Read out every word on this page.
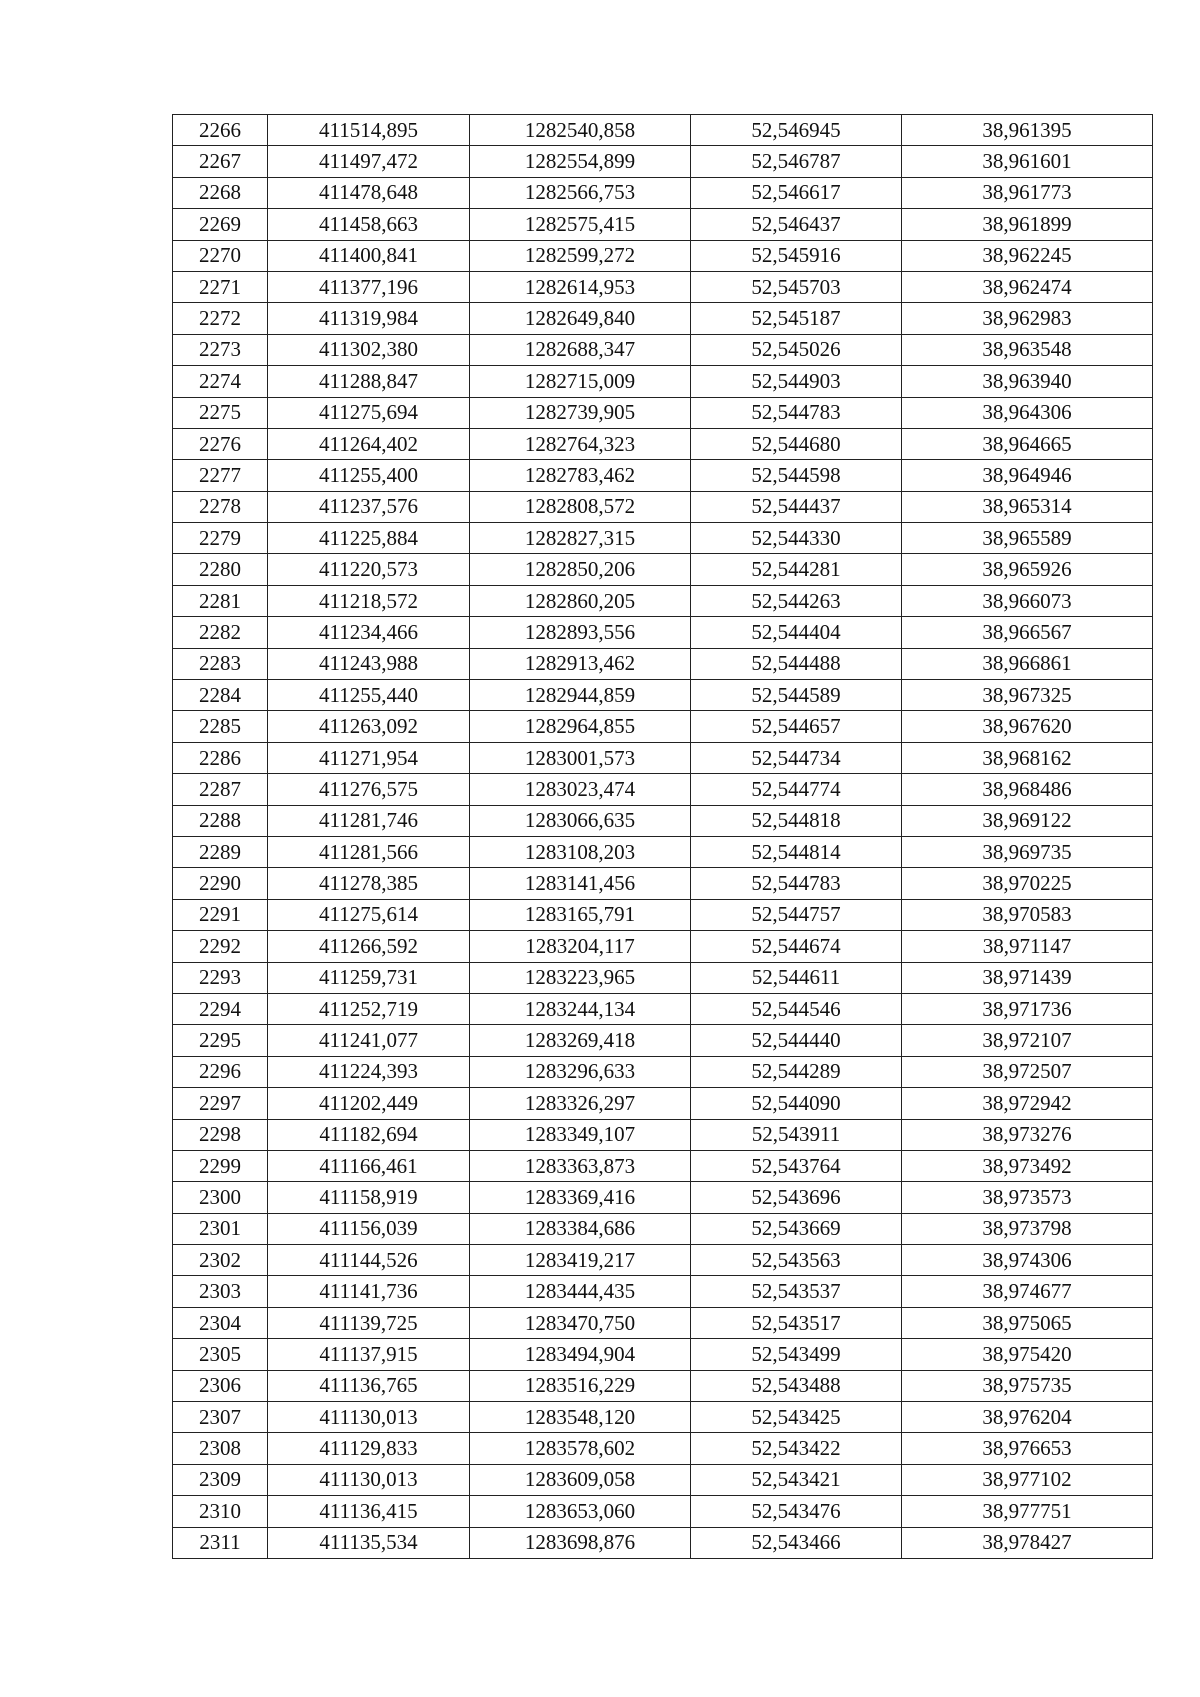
2266	411514,895	1282540,858	52,546945	38,961395
2267	411497,472	1282554,899	52,546787	38,961601
2268	411478,648	1282566,753	52,546617	38,961773
2269	411458,663	1282575,415	52,546437	38,961899
2270	411400,841	1282599,272	52,545916	38,962245
2271	411377,196	1282614,953	52,545703	38,962474
2272	411319,984	1282649,840	52,545187	38,962983
2273	411302,380	1282688,347	52,545026	38,963548
2274	411288,847	1282715,009	52,544903	38,963940
2275	411275,694	1282739,905	52,544783	38,964306
2276	411264,402	1282764,323	52,544680	38,964665
2277	411255,400	1282783,462	52,544598	38,964946
2278	411237,576	1282808,572	52,544437	38,965314
2279	411225,884	1282827,315	52,544330	38,965589
2280	411220,573	1282850,206	52,544281	38,965926
2281	411218,572	1282860,205	52,544263	38,966073
2282	411234,466	1282893,556	52,544404	38,966567
2283	411243,988	1282913,462	52,544488	38,966861
2284	411255,440	1282944,859	52,544589	38,967325
2285	411263,092	1282964,855	52,544657	38,967620
2286	411271,954	1283001,573	52,544734	38,968162
2287	411276,575	1283023,474	52,544774	38,968486
2288	411281,746	1283066,635	52,544818	38,969122
2289	411281,566	1283108,203	52,544814	38,969735
2290	411278,385	1283141,456	52,544783	38,970225
2291	411275,614	1283165,791	52,544757	38,970583
2292	411266,592	1283204,117	52,544674	38,971147
2293	411259,731	1283223,965	52,544611	38,971439
2294	411252,719	1283244,134	52,544546	38,971736
2295	411241,077	1283269,418	52,544440	38,972107
2296	411224,393	1283296,633	52,544289	38,972507
2297	411202,449	1283326,297	52,544090	38,972942
2298	411182,694	1283349,107	52,543911	38,973276
2299	411166,461	1283363,873	52,543764	38,973492
2300	411158,919	1283369,416	52,543696	38,973573
2301	411156,039	1283384,686	52,543669	38,973798
2302	411144,526	1283419,217	52,543563	38,974306
2303	411141,736	1283444,435	52,543537	38,974677
2304	411139,725	1283470,750	52,543517	38,975065
2305	411137,915	1283494,904	52,543499	38,975420
2306	411136,765	1283516,229	52,543488	38,975735
2307	411130,013	1283548,120	52,543425	38,976204
2308	411129,833	1283578,602	52,543422	38,976653
2309	411130,013	1283609,058	52,543421	38,977102
2310	411136,415	1283653,060	52,543476	38,977751
2311	411135,534	1283698,876	52,543466	38,978427
